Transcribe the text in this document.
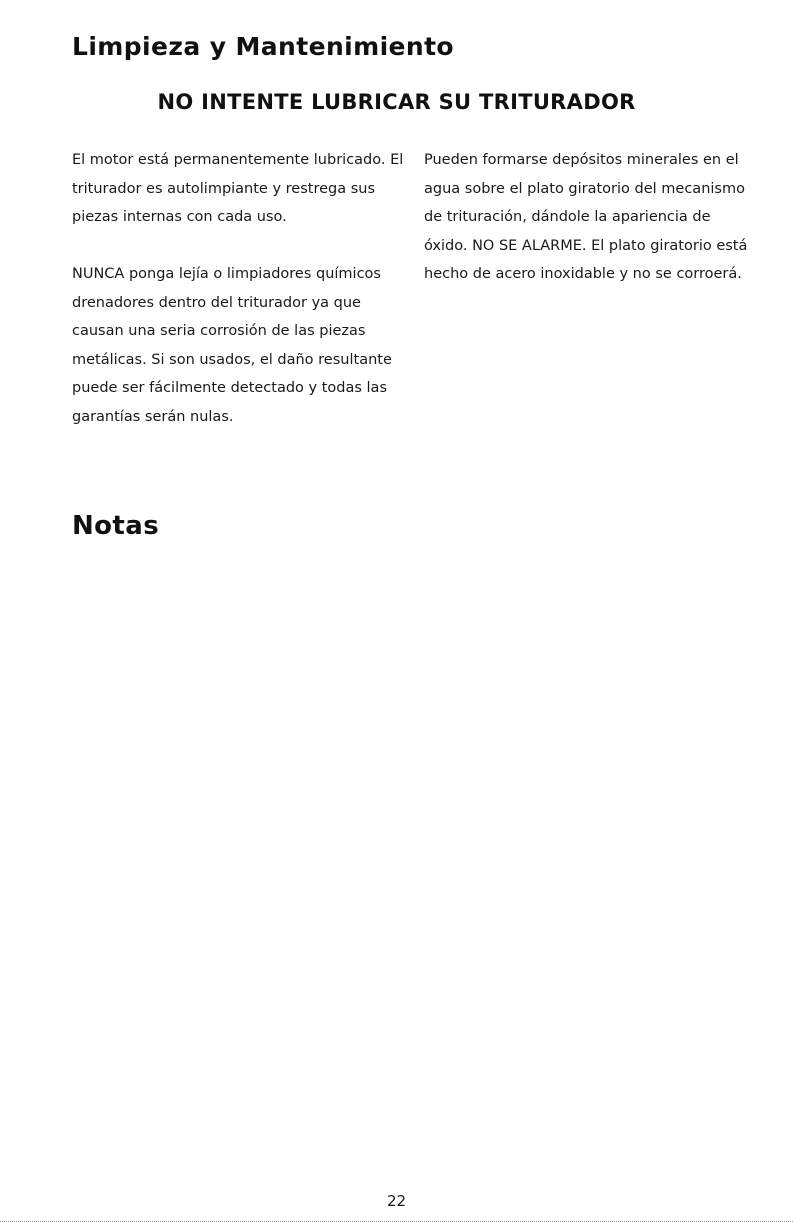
Limpieza y Mantenimiento
NO INTENTE LUBRICAR SU TRITURADOR

El motor está permanentemente lubricado. El triturador es autolimpiante y restrega sus piezas internas con cada uso.

NUNCA ponga lejía o limpiadores químicos drenadores dentro del triturador ya que causan una seria corrosión de las piezas metálicas. Si son usados, el daño resultante puede ser fácilmente detectado y todas las garantías serán nulas.

Pueden formarse depósitos minerales en el agua sobre el plato giratorio del mecanismo de trituración, dándole la apariencia de óxido. NO SE ALARME. El plato giratorio está hecho de acero inoxidable y no se corroerá.

Notas
22
